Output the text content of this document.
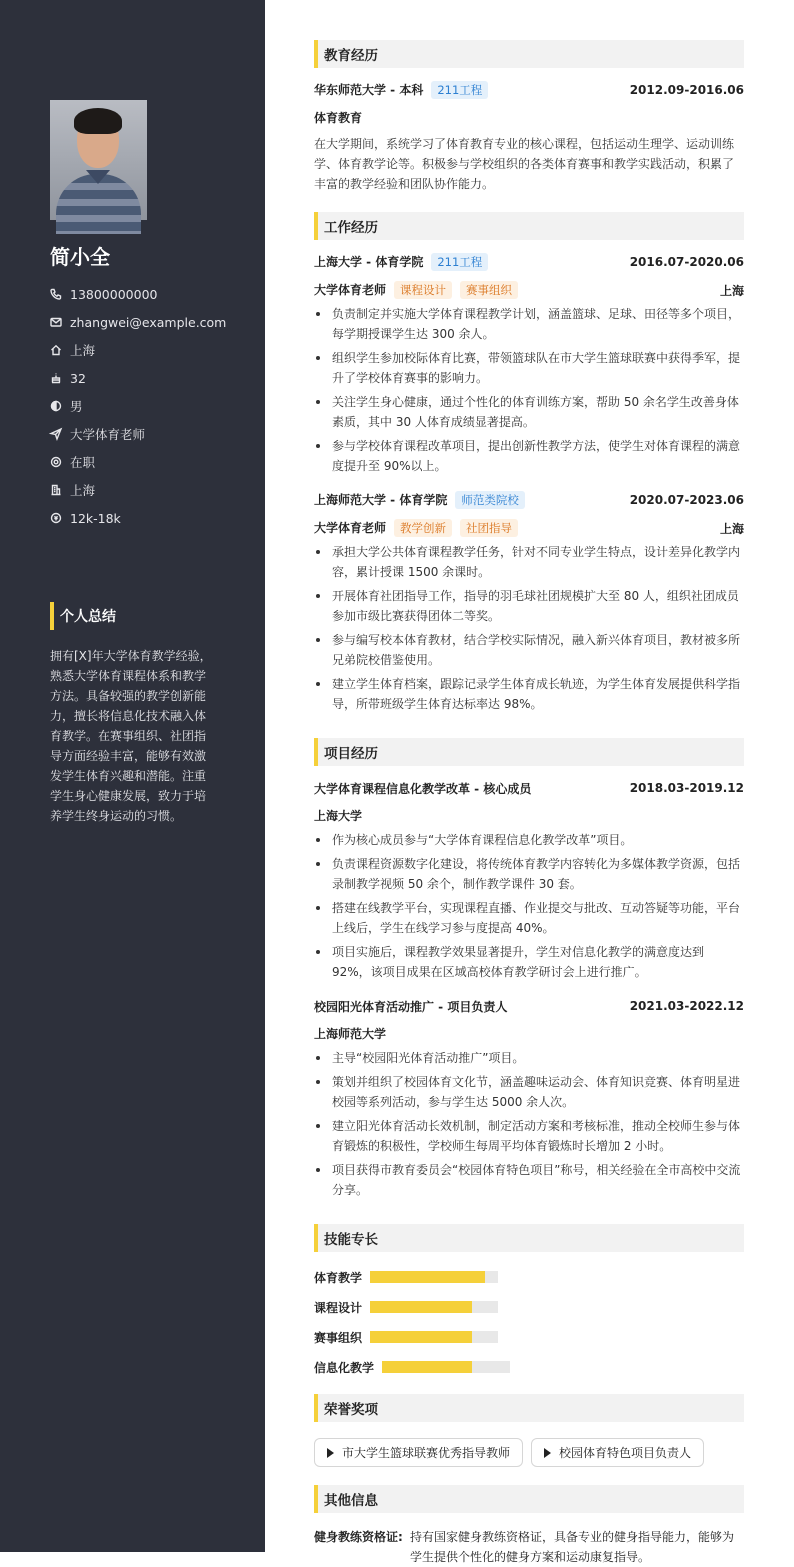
简小全
13800000000
zhangwei@example.com
上海
32
男
大学体育老师
在职
上海
12k-18k
个人总结
拥有[X]年大学体育教学经验，熟悉大学体育课程体系和教学方法。具备较强的教学创新能力，擅长将信息化技术融入体育教学。在赛事组织、社团指导方面经验丰富，能够有效激发学生体育兴趣和潜能。注重学生身心健康发展，致力于培养学生终身运动的习惯。
教育经历
华东师范大学 - 本科 211工程	2012.09-2016.06
体育教育
在大学期间，系统学习了体育教育专业的核心课程，包括运动生理学、运动训练学、体育教学论等。积极参与学校组织的各类体育赛事和教学实践活动，积累了丰富的教学经验和团队协作能力。
工作经历
上海大学 - 体育学院 211工程	2016.07-2020.06
大学体育老师 课程设计 赛事组织	上海
负责制定并实施大学体育课程教学计划，涵盖篮球、足球、田径等多个项目，每学期授课学生达 300 余人。
组织学生参加校际体育比赛，带领篮球队在市大学生篮球联赛中获得季军，提升了学校体育赛事的影响力。
关注学生身心健康，通过个性化的体育训练方案，帮助 50 余名学生改善身体素质，其中 30 人体育成绩显著提高。
参与学校体育课程改革项目，提出创新性教学方法，使学生对体育课程的满意度提升至 90%以上。
上海师范大学 - 体育学院 师范类院校	2020.07-2023.06
大学体育老师 教学创新 社团指导	上海
承担大学公共体育课程教学任务，针对不同专业学生特点，设计差异化教学内容，累计授课 1500 余课时。
开展体育社团指导工作，指导的羽毛球社团规模扩大至 80 人，组织社团成员参加市级比赛获得团体二等奖。
参与编写校本体育教材，结合学校实际情况，融入新兴体育项目，教材被多所兄弟院校借鉴使用。
建立学生体育档案，跟踪记录学生体育成长轨迹，为学生体育发展提供科学指导，所带班级学生体育达标率达 98%。
项目经历
大学体育课程信息化教学改革 - 核心成员	2018.03-2019.12
上海大学
作为核心成员参与“大学体育课程信息化教学改革”项目。
负责课程资源数字化建设，将传统体育教学内容转化为多媒体教学资源，包括录制教学视频 50 余个，制作教学课件 30 套。
搭建在线教学平台，实现课程直播、作业提交与批改、互动答疑等功能，平台上线后，学生在线学习参与度提高 40%。
项目实施后，课程教学效果显著提升，学生对信息化教学的满意度达到 92%，该项目成果在区域高校体育教学研讨会上进行推广。
校园阳光体育活动推广 - 项目负责人	2021.03-2022.12
上海师范大学
主导“校园阳光体育活动推广”项目。
策划并组织了校园体育文化节，涵盖趣味运动会、体育知识竞赛、体育明星进校园等系列活动，参与学生达 5000 余人次。
建立阳光体育活动长效机制，制定活动方案和考核标准，推动全校师生参与体育锻炼的积极性，学校师生每周平均体育锻炼时长增加 2 小时。
项目获得市教育委员会“校园体育特色项目”称号，相关经验在全市高校中交流分享。
技能专长
体育教学
课程设计
赛事组织
信息化教学
荣誉奖项
市大学生篮球联赛优秀指导教师	校园体育特色项目负责人
其他信息
健身教练资格证: 持有国家健身教练资格证，具备专业的健身指导能力，能够为学生提供个性化的健身方案和运动康复指导。
